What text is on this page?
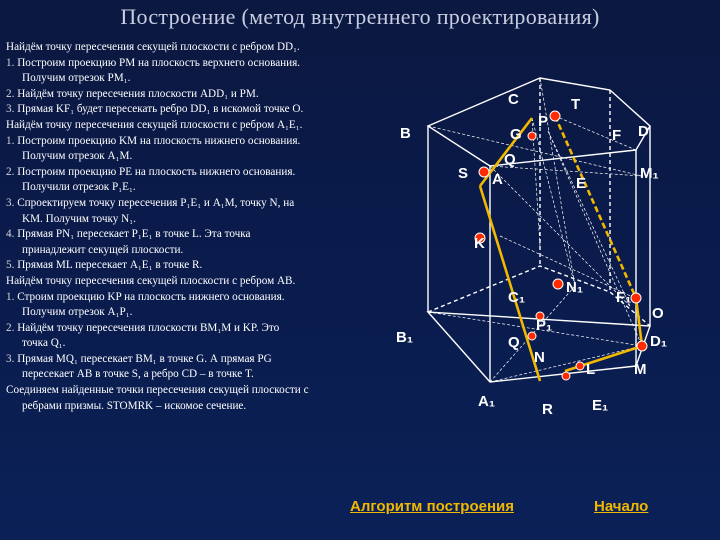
Построение (метод внутреннего проектирования)
Найдём точку пересечения секущей плоскости с ребром DD₁.
1. Построим проекцию PM на плоскость верхнего основания.
Получим отрезок PM₁.
2. Найдём точку пересечения плоскости ADD₁ и PM.
3. Прямая KF₁ будет пересекать ребро DD₁ в искомой точке O.
Найдём точку пересечения секущей плоскости с ребром A₁E₁.
1. Построим проекцию KM на плоскость нижнего основания.
Получим отрезок A₁M.
2. Построим проекцию PE на плоскость нижнего основания.
Получили отрезок P₁E₁.
3. Спроектируем точку пересечения P₁E₁ и A₁M, точку N, на
KM. Получим точку N₁.
4. Прямая PN₁ пересекает P₁E₁ в точке L. Эта точка
принадлежит секущей плоскости.
5. Прямая ML пересекает A₁E₁ в точке R.
Найдём точку пересечения секущей плоскости с ребром AB.
1. Строим проекцию KP на плоскость нижнего основания.
Получим отрезок A₁P₁.
2. Найдём точку пересечения плоскости BM₁M и KP. Это
точка Q₁.
3. Прямая MQ₁ пересекает BM₁ в точке G. А прямая PG
пересекает AB в точке S, а ребро CD – в точке T.
Соединяем найденные точки пересечения секущей плоскости с
ребрами призмы. STOMRK – искомое сечение.
C	T
P
G	F D
B
Q
S A	E
M₁
K
N₁
C₁	F₁
O
P₁
B₁	Q	D₁
N
L	M
A₁	R	E₁
Алгоритм построения	Начало
